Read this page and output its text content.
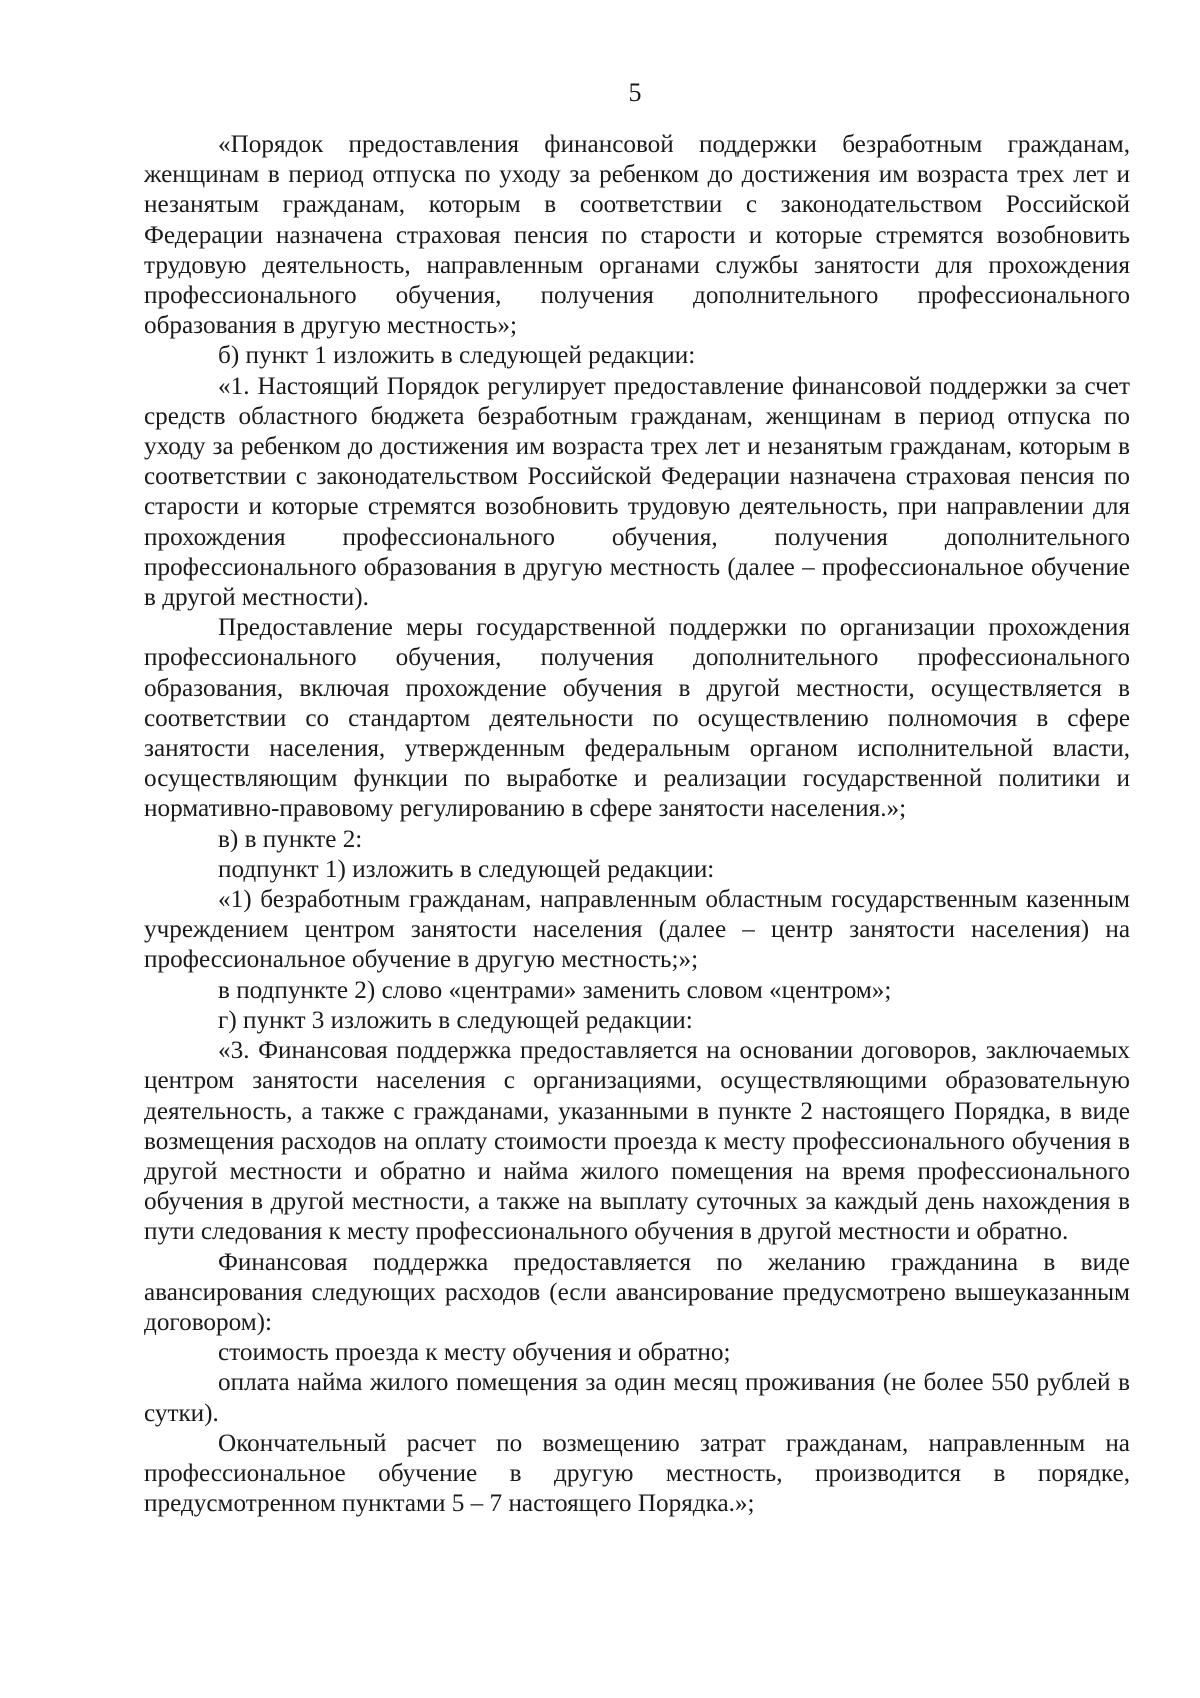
5

«Порядок предоставления финансовой поддержки безработным гражданам, женщинам в период отпуска по уходу за ребенком до достижения им возраста трех лет и незанятым гражданам, которым в соответствии с законодательством Российской Федерации назначена страховая пенсия по старости и которые стремятся возобновить трудовую деятельность, направленным органами службы занятости для прохождения профессионального обучения, получения дополнительного профессионального образования в другую местность»;

б) пункт 1 изложить в следующей редакции:

«1. Настоящий Порядок регулирует предоставление финансовой поддержки за счет средств областного бюджета безработным гражданам, женщинам в период отпуска по уходу за ребенком до достижения им возраста трех лет и незанятым гражданам, которым в соответствии с законодательством Российской Федерации назначена страховая пенсия по старости и которые стремятся возобновить трудовую деятельность, при направлении для прохождения профессионального обучения, получения дополнительного профессионального образования в другую местность (далее – профессиональное обучение в другой местности).

Предоставление меры государственной поддержки по организации прохождения профессионального обучения, получения дополнительного профессионального образования, включая прохождение обучения в другой местности, осуществляется в соответствии со стандартом деятельности по осуществлению полномочия в сфере занятости населения, утвержденным федеральным органом исполнительной власти, осуществляющим функции по выработке и реализации государственной политики и нормативно-правовому регулированию в сфере занятости населения.»;

в) в пункте 2:

подпункт 1) изложить в следующей редакции:

«1) безработным гражданам, направленным областным государственным казенным учреждением центром занятости населения (далее – центр занятости населения) на профессиональное обучение в другую местность;»;

в подпункте 2) слово «центрами» заменить словом «центром»;

г) пункт 3 изложить в следующей редакции:

«3. Финансовая поддержка предоставляется на основании договоров, заключаемых центром занятости населения с организациями, осуществляющими образовательную деятельность, а также с гражданами, указанными в пункте 2 настоящего Порядка, в виде возмещения расходов на оплату стоимости проезда к месту профессионального обучения в другой местности и обратно и найма жилого помещения на время профессионального обучения в другой местности, а также на выплату суточных за каждый день нахождения в пути следования к месту профессионального обучения в другой местности и обратно.

Финансовая поддержка предоставляется по желанию гражданина в виде авансирования следующих расходов (если авансирование предусмотрено вышеуказанным договором):

стоимость проезда к месту обучения и обратно;

оплата найма жилого помещения за один месяц проживания (не более 550 рублей в сутки).

Окончательный расчет по возмещению затрат гражданам, направленным на профессиональное обучение в другую местность, производится в порядке, предусмотренном пунктами 5 – 7 настоящего Порядка.»;
